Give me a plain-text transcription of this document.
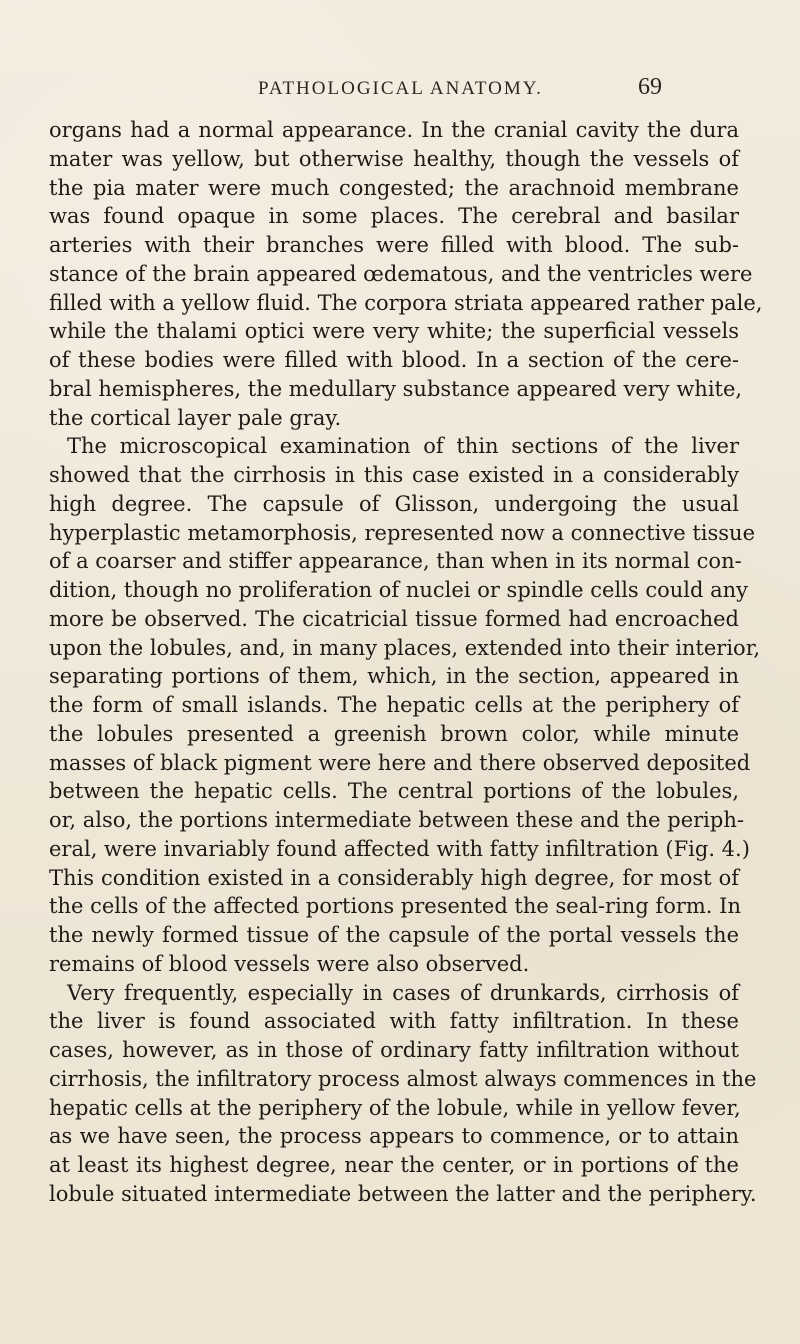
PATHOLOGICAL ANATOMY.	69
organs had a normal appearance. In the cranial cavity the dura
mater was yellow, but otherwise healthy, though the vessels of
the pia mater were much congested; the arachnoid membrane
was found opaque in some places. The cerebral and basilar
arteries with their branches were filled with blood. The sub-
stance of the brain appeared œdematous, and the ventricles were
filled with a yellow fluid. The corpora striata appeared rather pale,
while the thalami optici were very white; the superficial vessels
of these bodies were filled with blood. In a section of the cere-
bral hemispheres, the medullary substance appeared very white,
the cortical layer pale gray.
The microscopical examination of thin sections of the liver
showed that the cirrhosis in this case existed in a considerably
high degree. The capsule of Glisson, undergoing the usual
hyperplastic metamorphosis, represented now a connective tissue
of a coarser and stiffer appearance, than when in its normal con-
dition, though no proliferation of nuclei or spindle cells could any
more be observed. The cicatricial tissue formed had encroached
upon the lobules, and, in many places, extended into their interior,
separating portions of them, which, in the section, appeared in
the form of small islands. The hepatic cells at the periphery of
the lobules presented a greenish brown color, while minute
masses of black pigment were here and there observed deposited
between the hepatic cells. The central portions of the lobules,
or, also, the portions intermediate between these and the periph-
eral, were invariably found affected with fatty infiltration (Fig. 4.)
This condition existed in a considerably high degree, for most of
the cells of the affected portions presented the seal-ring form. In
the newly formed tissue of the capsule of the portal vessels the
remains of blood vessels were also observed.
Very frequently, especially in cases of drunkards, cirrhosis of
the liver is found associated with fatty infiltration. In these
cases, however, as in those of ordinary fatty infiltration without
cirrhosis, the infiltratory process almost always commences in the
hepatic cells at the periphery of the lobule, while in yellow fever,
as we have seen, the process appears to commence, or to attain
at least its highest degree, near the center, or in portions of the
lobule situated intermediate between the latter and the periphery.
